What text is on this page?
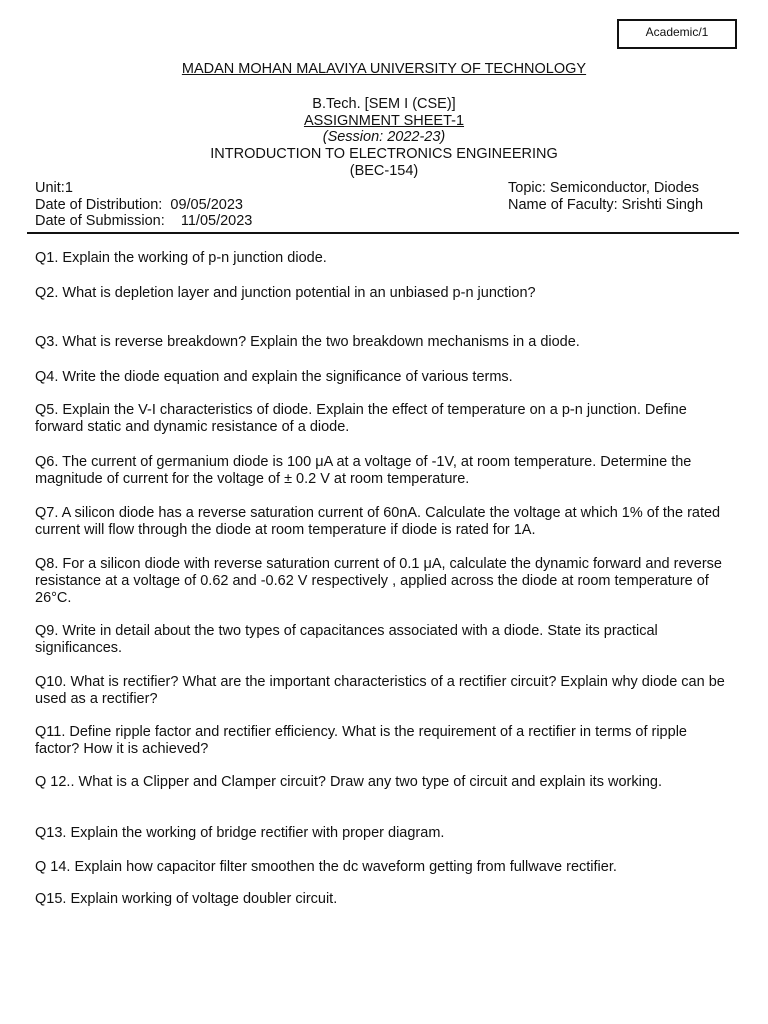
Academic/1
MADAN MOHAN MALAVIYA UNIVERSITY OF TECHNOLOGY
B.Tech. [SEM I (CSE)]
ASSIGNMENT SHEET-1
(Session: 2022-23)
INTRODUCTION TO ELECTRONICS ENGINEERING
(BEC-154)
Unit:1
Date of Distribution:  09/05/2023
Date of Submission:    11/05/2023
Topic: Semiconductor, Diodes
Name of Faculty: Srishti Singh

Q1. Explain the working of p-n junction diode.

Q2. What is depletion layer and junction potential in an unbiased p-n junction?

Q3. What is reverse breakdown? Explain the two breakdown mechanisms in a diode.

Q4. Write the diode equation and explain the significance of various terms.

Q5. Explain the V-I characteristics of diode. Explain the effect of temperature on a p-n junction. Define forward static and dynamic resistance of a diode.

Q6. The current of germanium diode is 100 μA at a voltage of -1V, at room temperature. Determine the magnitude of current for the voltage of ± 0.2 V at room temperature.

Q7. A silicon diode has a reverse saturation current of 60nA. Calculate the voltage at which 1% of the rated current will flow through the diode at room temperature if diode is rated for 1A.

Q8. For a silicon diode with reverse saturation current of 0.1 μA, calculate the dynamic forward and reverse resistance at a voltage of 0.62 and -0.62 V respectively , applied across the diode at room temperature of 26°C.

Q9. Write in detail about the two types of capacitances associated with a diode. State its practical significances.

Q10. What is rectifier? What are the important characteristics of a rectifier circuit? Explain why diode can be used as a rectifier?

Q11. Define ripple factor and rectifier efficiency. What is the requirement of a rectifier in terms of ripple factor? How it is achieved?

Q 12.. What is a Clipper and Clamper circuit? Draw any two type of circuit and explain its working.

Q13. Explain the working of bridge rectifier with proper diagram.

Q 14. Explain how capacitor filter smoothen the dc waveform getting from fullwave rectifier.

Q15. Explain working of voltage doubler circuit.
